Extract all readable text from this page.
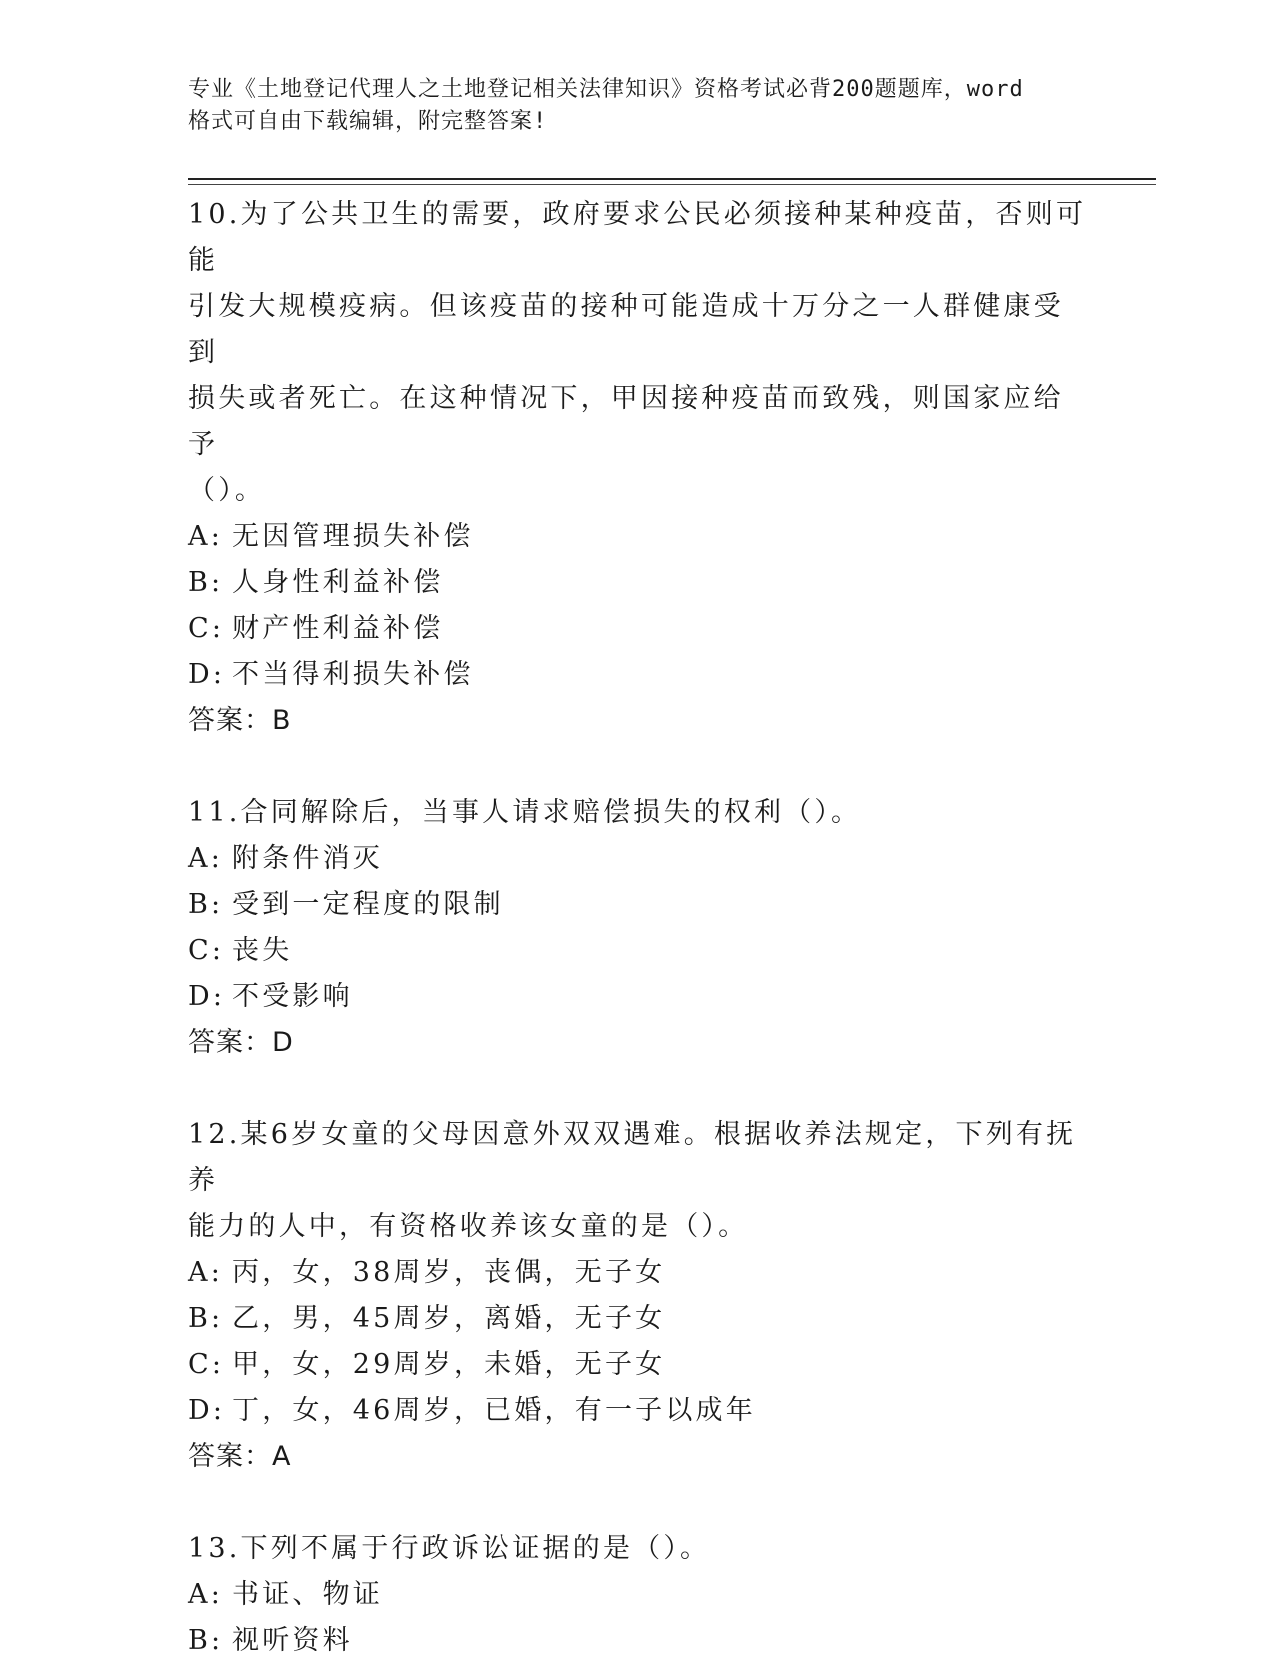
专业《土地登记代理人之土地登记相关法律知识》资格考试必背200题题库，word
格式可自由下载编辑，附完整答案!

10.为了公共卫生的需要，政府要求公民必须接种某种疫苗，否则可能

引发大规模疫病。但该疫苗的接种可能造成十万分之一人群健康受到

损失或者死亡。在这种情况下，甲因接种疫苗而致残，则国家应给予

（）。

A: 无因管理损失补偿

B: 人身性利益补偿

C: 财产性利益补偿

D: 不当得利损失补偿

答案：B

11.合同解除后，当事人请求赔偿损失的权利（）。

A: 附条件消灭

B: 受到一定程度的限制

C: 丧失

D: 不受影响

答案：D

12.某6岁女童的父母因意外双双遇难。根据收养法规定，下列有抚养

能力的人中，有资格收养该女童的是（）。

A: 丙，女，38周岁，丧偶，无子女

B: 乙，男，45周岁，离婚，无子女

C: 甲，女，29周岁，未婚，无子女

D: 丁，女，46周岁，已婚，有一子以成年

答案：A

13.下列不属于行政诉讼证据的是（）。

A: 书证、物证

B: 视听资料
